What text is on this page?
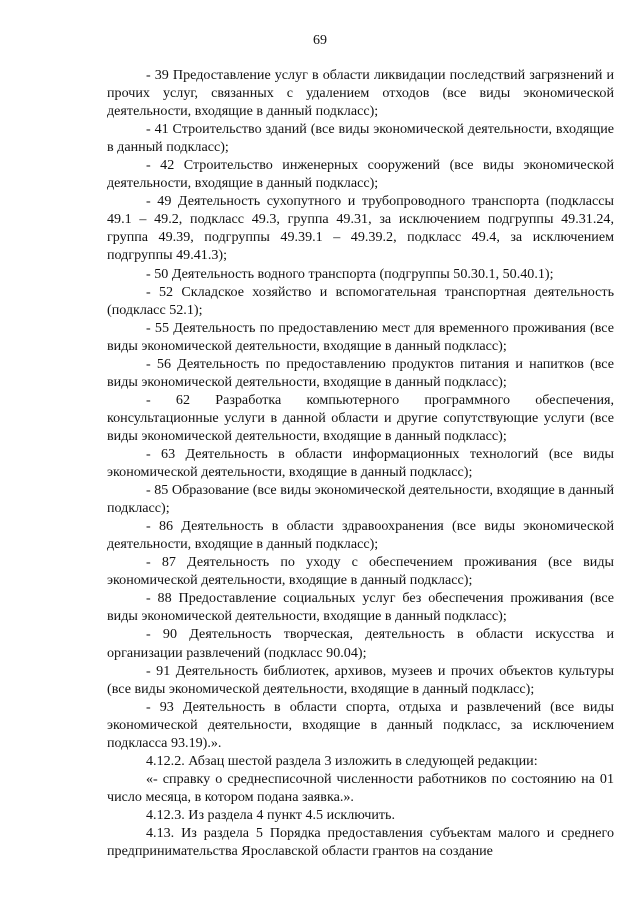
69

- 39 Предоставление услуг в области ликвидации последствий загрязнений и прочих услуг, связанных с удалением отходов (все виды экономической деятельности, входящие в данный подкласс);

- 41 Строительство зданий (все виды экономической деятельности, входящие в данный подкласс);

- 42 Строительство инженерных сооружений (все виды экономической деятельности, входящие в данный подкласс);

- 49 Деятельность сухопутного и трубопроводного транспорта (подклассы 49.1 – 49.2, подкласс 49.3, группа 49.31, за исключением подгруппы 49.31.24, группа 49.39, подгруппы 49.39.1 – 49.39.2, подкласс 49.4, за исключением подгруппы 49.41.3);

- 50 Деятельность водного транспорта (подгруппы 50.30.1, 50.40.1);

- 52 Складское хозяйство и вспомогательная транспортная деятельность (подкласс 52.1);

- 55 Деятельность по предоставлению мест для временного проживания (все виды экономической деятельности, входящие в данный подкласс);

- 56 Деятельность по предоставлению продуктов питания и напитков (все виды экономической деятельности, входящие в данный подкласс);

- 62 Разработка компьютерного программного обеспечения, консультационные услуги в данной области и другие сопутствующие услуги (все виды экономической деятельности, входящие в данный подкласс);

- 63 Деятельность в области информационных технологий (все виды экономической деятельности, входящие в данный подкласс);

- 85 Образование (все виды экономической деятельности, входящие в данный подкласс);

- 86 Деятельность в области здравоохранения (все виды экономической деятельности, входящие в данный подкласс);

- 87 Деятельность по уходу с обеспечением проживания (все виды экономической деятельности, входящие в данный подкласс);

- 88 Предоставление социальных услуг без обеспечения проживания (все виды экономической деятельности, входящие в данный подкласс);

- 90 Деятельность творческая, деятельность в области искусства и организации развлечений (подкласс 90.04);

- 91 Деятельность библиотек, архивов, музеев и прочих объектов культуры (все виды экономической деятельности, входящие в данный подкласс);

- 93 Деятельность в области спорта, отдыха и развлечений (все виды экономической деятельности, входящие в данный подкласс, за исключением подкласса 93.19).».

4.12.2. Абзац шестой раздела 3 изложить в следующей редакции:

«- справку о среднесписочной численности работников по состоянию на 01 число месяца, в котором подана заявка.».

4.12.3. Из раздела 4 пункт 4.5 исключить.

4.13. Из раздела 5 Порядка предоставления субъектам малого и среднего предпринимательства Ярославской области грантов на создание
